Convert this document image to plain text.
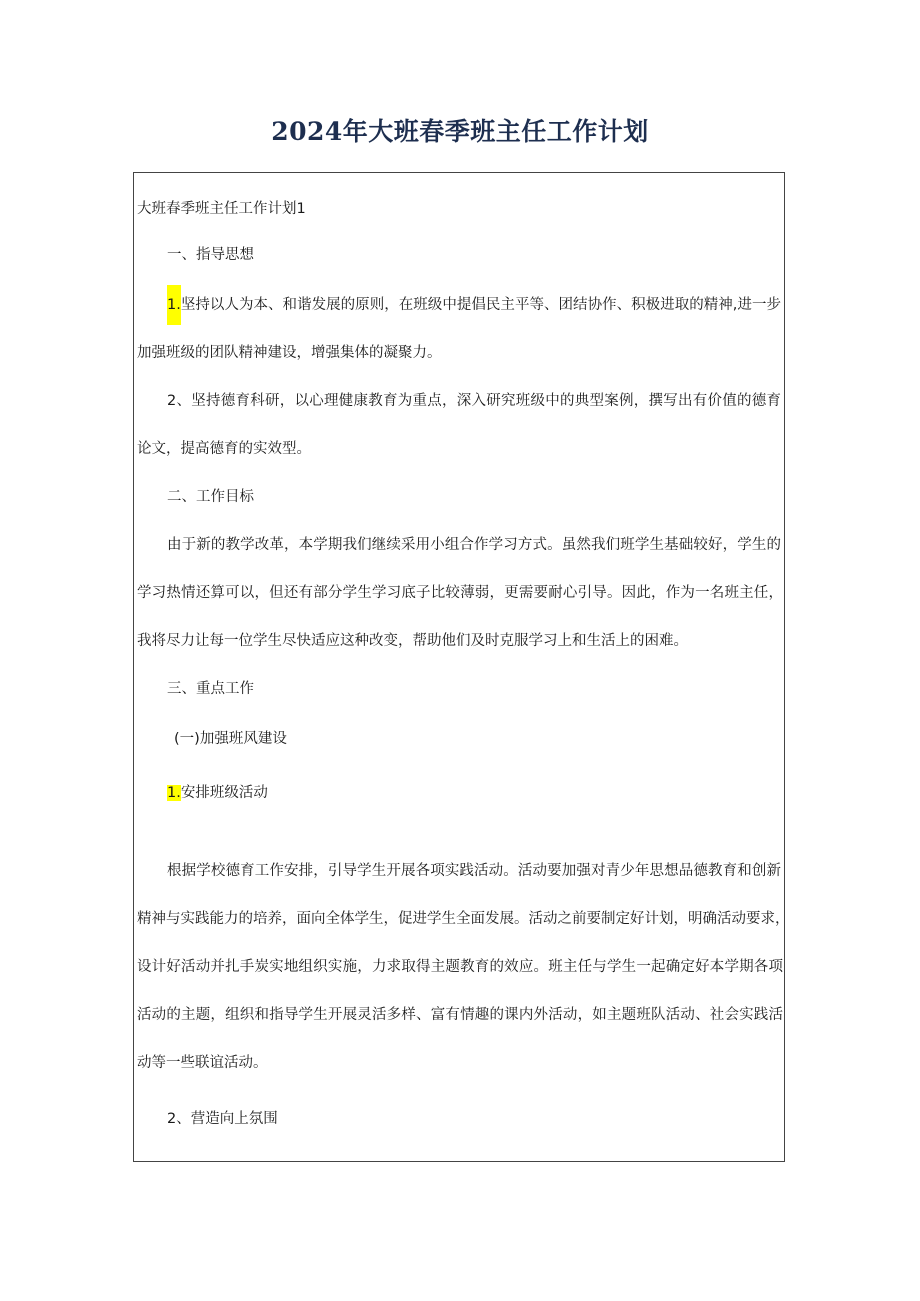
2024年大班春季班主任工作计划

大班春季班主任工作计划1

一、指导思想

1.坚持以人为本、和谐发展的原则，在班级中提倡民主平等、团结协作、积极进取的精神,进一步

加强班级的团队精神建设，增强集体的凝聚力。

2、坚持德育科研，以心理健康教育为重点，深入研究班级中的典型案例，撰写出有价值的德育

论文，提高德育的实效型。

二、工作目标

由于新的教学改革，本学期我们继续采用小组合作学习方式。虽然我们班学生基础较好，学生的

学习热情还算可以，但还有部分学生学习底子比较薄弱，更需要耐心引导。因此，作为一名班主任，

我将尽力让每一位学生尽快适应这种改变，帮助他们及时克服学习上和生活上的困难。

三、重点工作

(一)加强班风建设

1.安排班级活动

根据学校德育工作安排，引导学生开展各项实践活动。活动要加强对青少年思想品德教育和创新

精神与实践能力的培养，面向全体学生，促进学生全面发展。活动之前要制定好计划，明确活动要求，

设计好活动并扎手炭实地组织实施，力求取得主题教育的效应。班主任与学生一起确定好本学期各项

活动的主题，组织和指导学生开展灵活多样、富有情趣的课内外活动，如主题班队活动、社会实践活

动等一些联谊活动。

2、营造向上氛围
